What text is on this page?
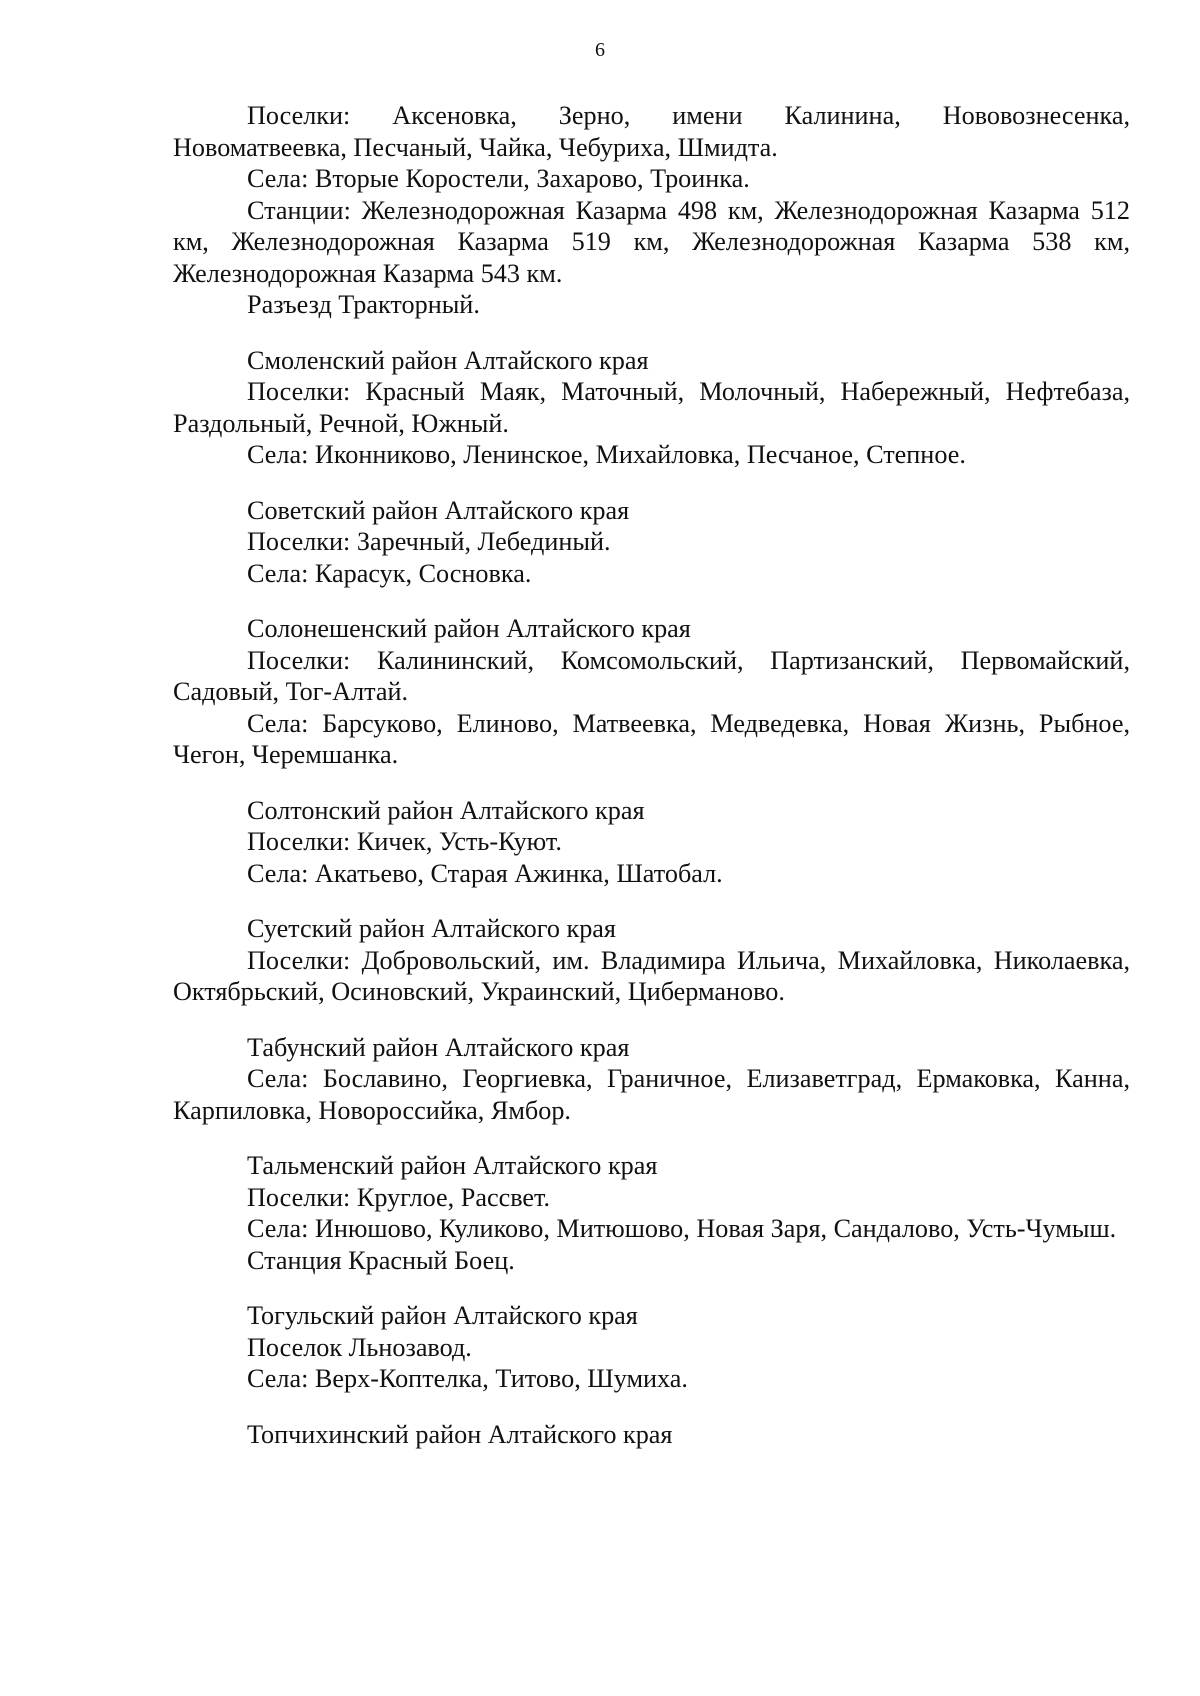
6

Поселки: Аксеновка, Зерно, имени Калинина, Нововознесенка, Новоматвеевка, Песчаный, Чайка, Чебуриха, Шмидта.

Села: Вторые Коростели, Захарово, Троинка.

Станции: Железнодорожная Казарма 498 км, Железнодорожная Казарма 512 км, Железнодорожная Казарма 519 км, Железнодорожная Казарма 538 км, Железнодорожная Казарма 543 км.

Разъезд Тракторный.

Смоленский район Алтайского края

Поселки: Красный Маяк, Маточный, Молочный, Набережный, Нефтебаза, Раздольный, Речной, Южный.

Села: Иконниково, Ленинское, Михайловка, Песчаное, Степное.

Советский район Алтайского края

Поселки: Заречный, Лебединый.

Села: Карасук, Сосновка.

Солонешенский район Алтайского края

Поселки: Калининский, Комсомольский, Партизанский, Первомайский, Садовый, Тог-Алтай.

Села: Барсуково, Елиново, Матвеевка, Медведевка, Новая Жизнь, Рыбное, Чегон, Черемшанка.

Солтонский район Алтайского края

Поселки: Кичек, Усть-Куют.

Села: Акатьево, Старая Ажинка, Шатобал.

Суетский район Алтайского края

Поселки: Добровольский, им. Владимира Ильича, Михайловка, Николаевка, Октябрьский, Осиновский, Украинский, Циберманово.

Табунский район Алтайского края

Села: Бославино, Георгиевка, Граничное, Елизаветград, Ермаковка, Канна, Карпиловка, Новороссийка, Ямбор.

Тальменский район Алтайского края

Поселки: Круглое, Рассвет.

Села: Инюшово, Куликово, Митюшово, Новая Заря, Сандалово, Усть-Чумыш.

Станция Красный Боец.

Тогульский район Алтайского края

Поселок Льнозавод.

Села: Верх-Коптелка, Титово, Шумиха.

Топчихинский район Алтайского края
